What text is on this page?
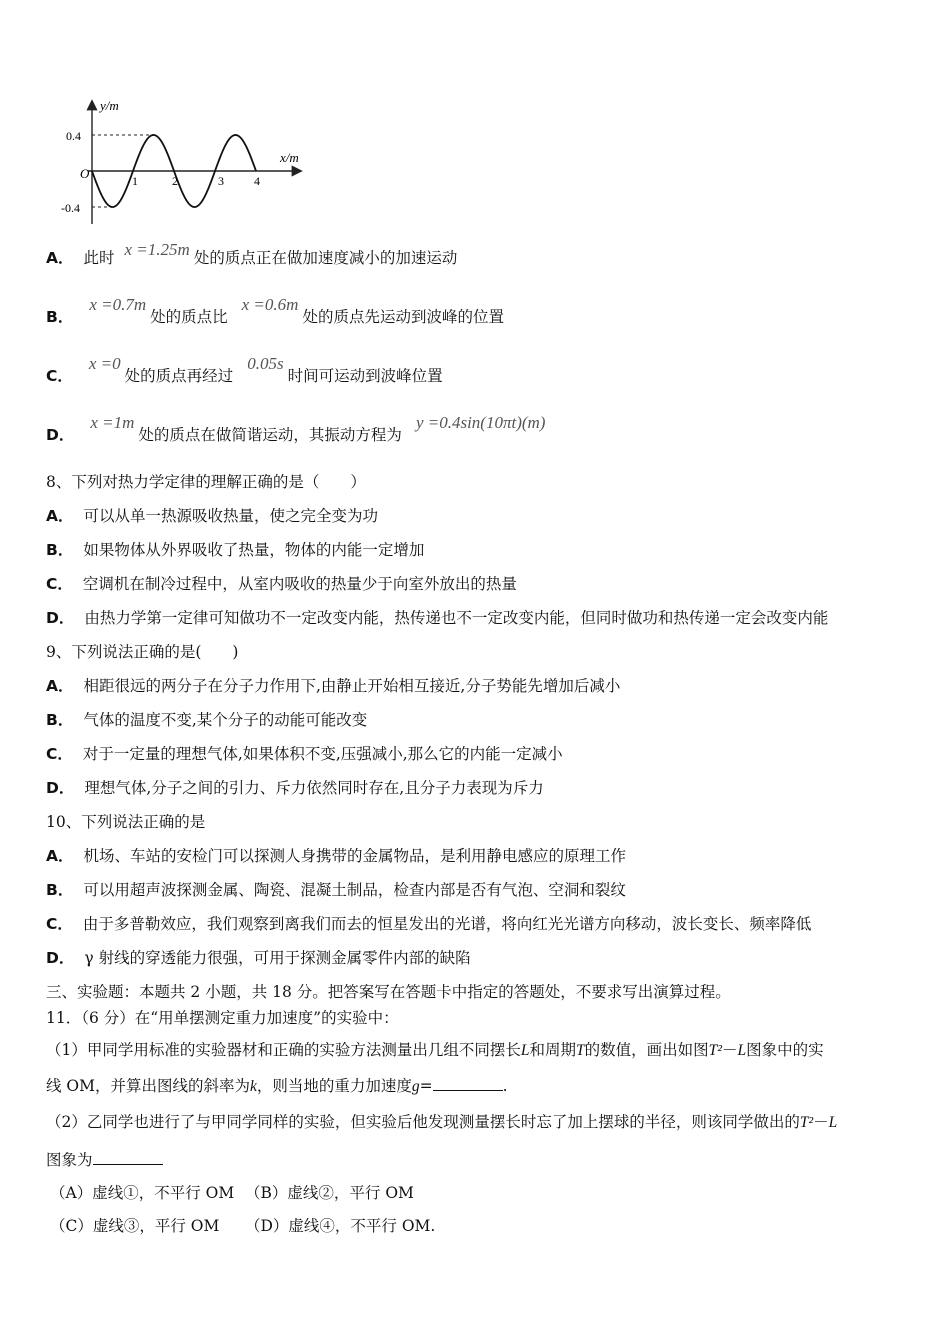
y/m
x/m
O
0.4
-0.4
1	2	3	4
A． 此时 x =1.25m 处的质点正在做加速度减小的加速运动
B．x =0.7m处的质点比x =0.6m处的质点先运动到波峰的位置
C．x =0处的质点再经过0.05s时间可运动到波峰位置
D．x =1m处的质点在做简谐运动，其振动方程为y =0.4sin(10πt)(m)
8、下列对热力学定律的理解正确的是（　　）
A． 可以从单一热源吸收热量，使之完全变为功
B． 如果物体从外界吸收了热量，物体的内能一定增加
C． 空调机在制冷过程中，从室内吸收的热量少于向室外放出的热量
D． 由热力学第一定律可知做功不一定改变内能，热传递也不一定改变内能，但同时做功和热传递一定会改变内能
9、下列说法正确的是(　　)
A． 相距很远的两分子在分子力作用下,由静止开始相互接近,分子势能先增加后减小
B． 气体的温度不变,某个分子的动能可能改变
C． 对于一定量的理想气体,如果体积不变,压强减小,那么它的内能一定减小
D． 理想气体,分子之间的引力、斥力依然同时存在,且分子力表现为斥力
10、下列说法正确的是
A． 机场、车站的安检门可以探测人身携带的金属物品，是利用静电感应的原理工作
B． 可以用超声波探测金属、陶瓷、混凝土制品，检查内部是否有气泡、空洞和裂纹
C． 由于多普勒效应，我们观察到离我们而去的恒星发出的光谱，将向红光光谱方向移动，波长变长、频率降低
D． γ 射线的穿透能力很强，可用于探测金属零件内部的缺陷
三、实验题：本题共 2 小题，共 18 分。把答案写在答题卡中指定的答题处，不要求写出演算过程。
11．（6 分）在“用单摆测定重力加速度”的实验中：
（1）甲同学用标准的实验器材和正确的实验方法测量出几组不同摆长L和周期T的数值，画出如图T²－L图象中的实
线 OM，并算出图线的斜率为k，则当地的重力加速度g=	.
（2）乙同学也进行了与甲同学同样的实验，但实验后他发现测量摆长时忘了加上摆球的半径，则该同学做出的T²－L
图象为
（A）虚线①，不平行 OM （B）虚线②，平行 OM
（C）虚线③，平行 OM （D）虚线④，不平行 OM.
